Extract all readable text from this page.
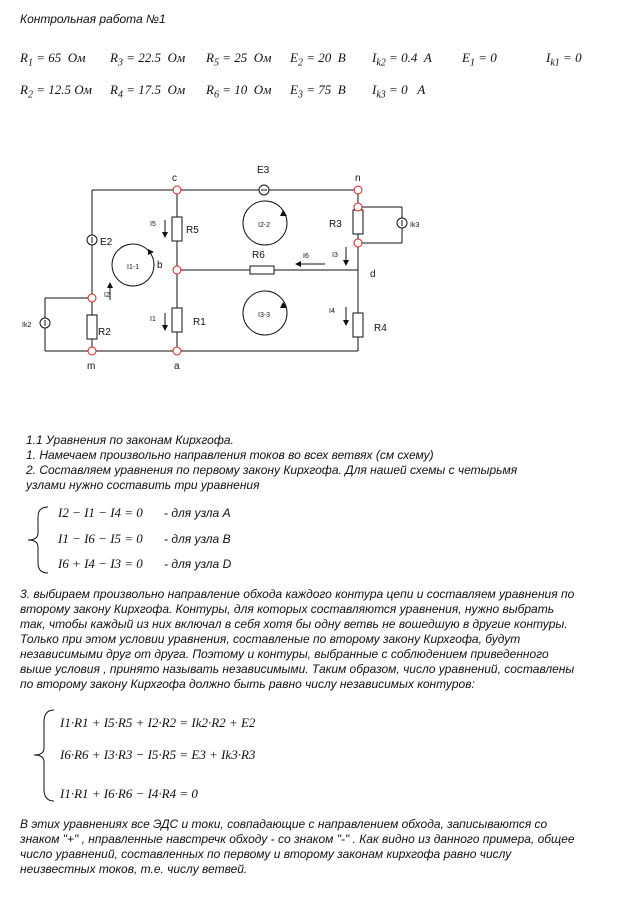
Контрольная работа №1
$R_1 = 65$ Ом $R_3 = 22.5$ Ом $R_5 = 25$ Ом $E_2 = 20$ В $I_{k2} = 0.4$ А $E_1 = 0$	$I_{k1} = 0$
$R_2 = 12.5$ Ом $R_4 = 17.5$ Ом $R_6 = 10$ Ом $E_3 = 75$ В $I_{k3} = 0$ А
c	n
b
d
m	a
E3
E2
R5
R3
R6
R1
R4
R2
I5
I3
I6
I1
I4
I2
Ik2
Ik3
I1-1
I2-2
I3-3
1.1 Уравнения по законам Кирхгофа.
1. Намечаем произвольно направления токов во всех ветвях (см схему)
2. Составляем уравнения по первому закону Кирхгофа. Для нашей схемы с четырьмя
узлами нужно составить три уравнения
I2 − I1 − I4 = 0 - для узла А
I1 − I6 − I5 = 0 - для узла В
I6 + I4 − I3 = 0 - для узла D
3. выбираем произвольно направление обхода каждого контура цепи и составляем уравнения по
второму закону Кирхгофа. Контуры, для которых составляются уравнения, нужно выбрать
так, чтобы каждый из них включал в себя хотя бы одну ветвь не вошедшую в другие контуры.
Только при этом условии уравнения, составленые по второму закону Кирхгофа, будут
независимыми друг от друга. Поэтому и контуры, выбранные с соблюдением приведенного
выше условия , принято называть независимыми. Таким образом, число уравнений, составлены
по второму закону Кирхгофа должно быть равно числу независимых контуров:
I1·R1 + I5·R5 + I2·R2 = Ik2·R2 + E2
I6·R6 + I3·R3 − I5·R5 = E3 + Ik3·R3
I1·R1 + I6·R6 − I4·R4 = 0
В этих уравнениях все ЭДС и токи, совпадающие с направлением обхода, записываются со
знаком "+" , нправленные навстречк обходу - со знаком "-" . Как видно из данного примера, общее
число уравнений, составленных по первому и второму законам кирхгофа равно числу
неизвестных токов, т.е. числу ветвей.
